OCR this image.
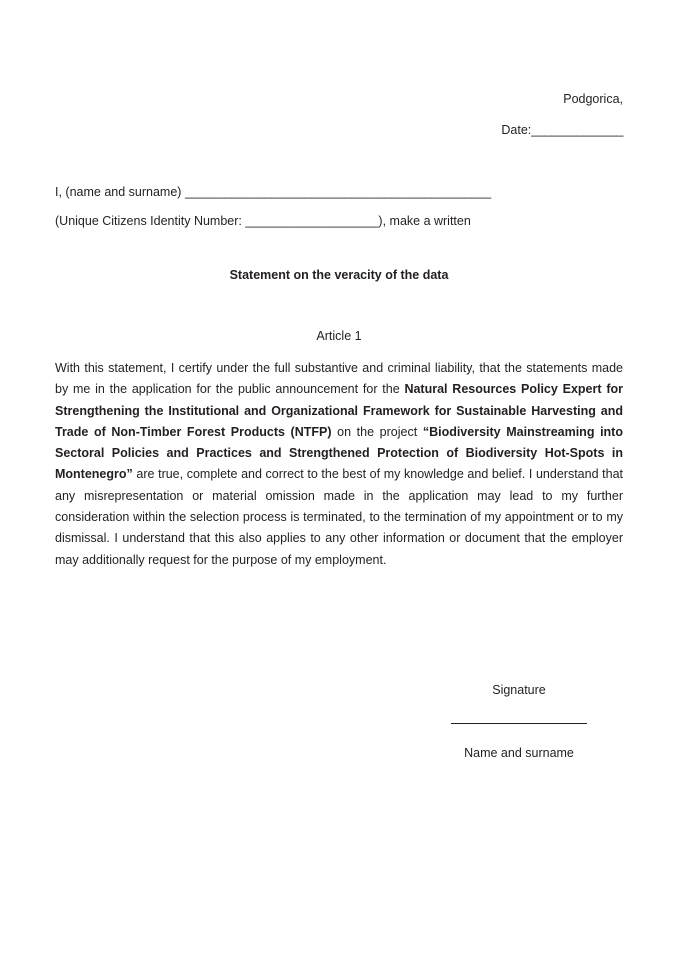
Podgorica,
Date:______________
I, (name and surname) ______________________________________________
(Unique Citizens Identity Number: ____________________), make a written
Statement on the veracity of the data
Article 1

With this statement, I certify under the full substantive and criminal liability, that the statements made by me in the application for the public announcement for the Natural Resources Policy Expert for Strengthening the Institutional and Organizational Framework for Sustainable Harvesting and Trade of Non-Timber Forest Products (NTFP) on the project “Biodiversity Mainstreaming into Sectoral Policies and Practices and Strengthened Protection of Biodiversity Hot-Spots in Montenegro” are true, complete and correct to the best of my knowledge and belief. I understand that any misrepresentation or material omission made in the application may lead to my further consideration within the selection process is terminated, to the termination of my appointment or to my dismissal. I understand that this also applies to any other information or document that the employer may additionally request for the purpose of my employment.

Signature
Name and surname
